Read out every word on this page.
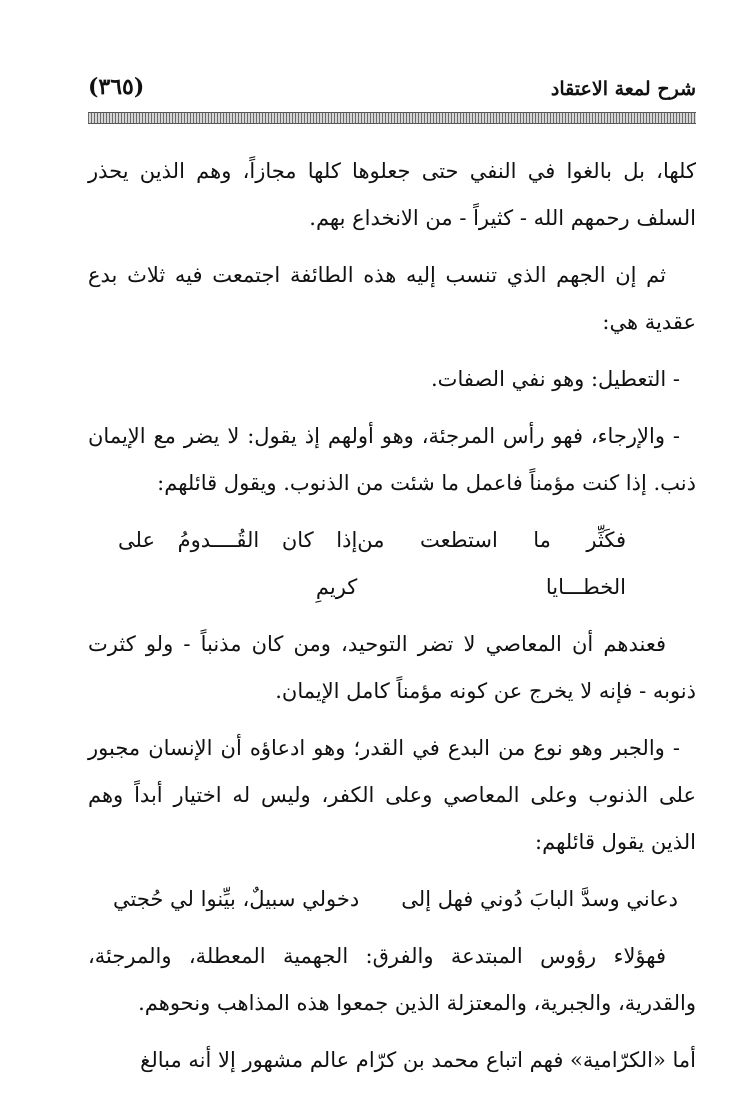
شرح لمعة الاعتقاد
(٣٦٥)

كلها، بل بالغوا في النفي حتى جعلوها كلها مجازاً، وهم الذين يحذر السلف رحمهم الله - كثيراً - من الانخداع بهم.

ثم إن الجهم الذي تنسب إليه هذه الطائفة اجتمعت فيه ثلاث بدع عقدية هي:

- التعطيل: وهو نفي الصفات.

- والإرجاء، فهو رأس المرجئة، وهو أولهم إذ يقول: لا يضر مع الإيمان ذنب. إذا كنت مؤمناً فاعمل ما شئت من الذنوب. ويقول قائلهم:

فكَثِّر ما استطعت من الخطـــايا
إذا كان القُــــدومُ على كريمِ

فعندهم أن المعاصي لا تضر التوحيد، ومن كان مذنباً - ولو كثرت ذنوبه - فإنه لا يخرج عن كونه مؤمناً كامل الإيمان.

- والجبر وهو نوع من البدع في القدر؛ وهو ادعاؤه أن الإنسان مجبور على الذنوب وعلى المعاصي وعلى الكفر، وليس له اختيار أبداً وهم الذين يقول قائلهم:

دعاني وسدَّ البابَ دُوني فهل إلى
دخولي سبيلٌ، بيِّنوا لي حُجتي

فهؤلاء رؤوس المبتدعة والفرق: الجهمية المعطلة، والمرجئة، والقدرية، والجبرية، والمعتزلة الذين جمعوا هذه المذاهب ونحوهم.

أما «الكرّامية» فهم اتباع محمد بن كرّام عالم مشهور إلا أنه مبالغ
